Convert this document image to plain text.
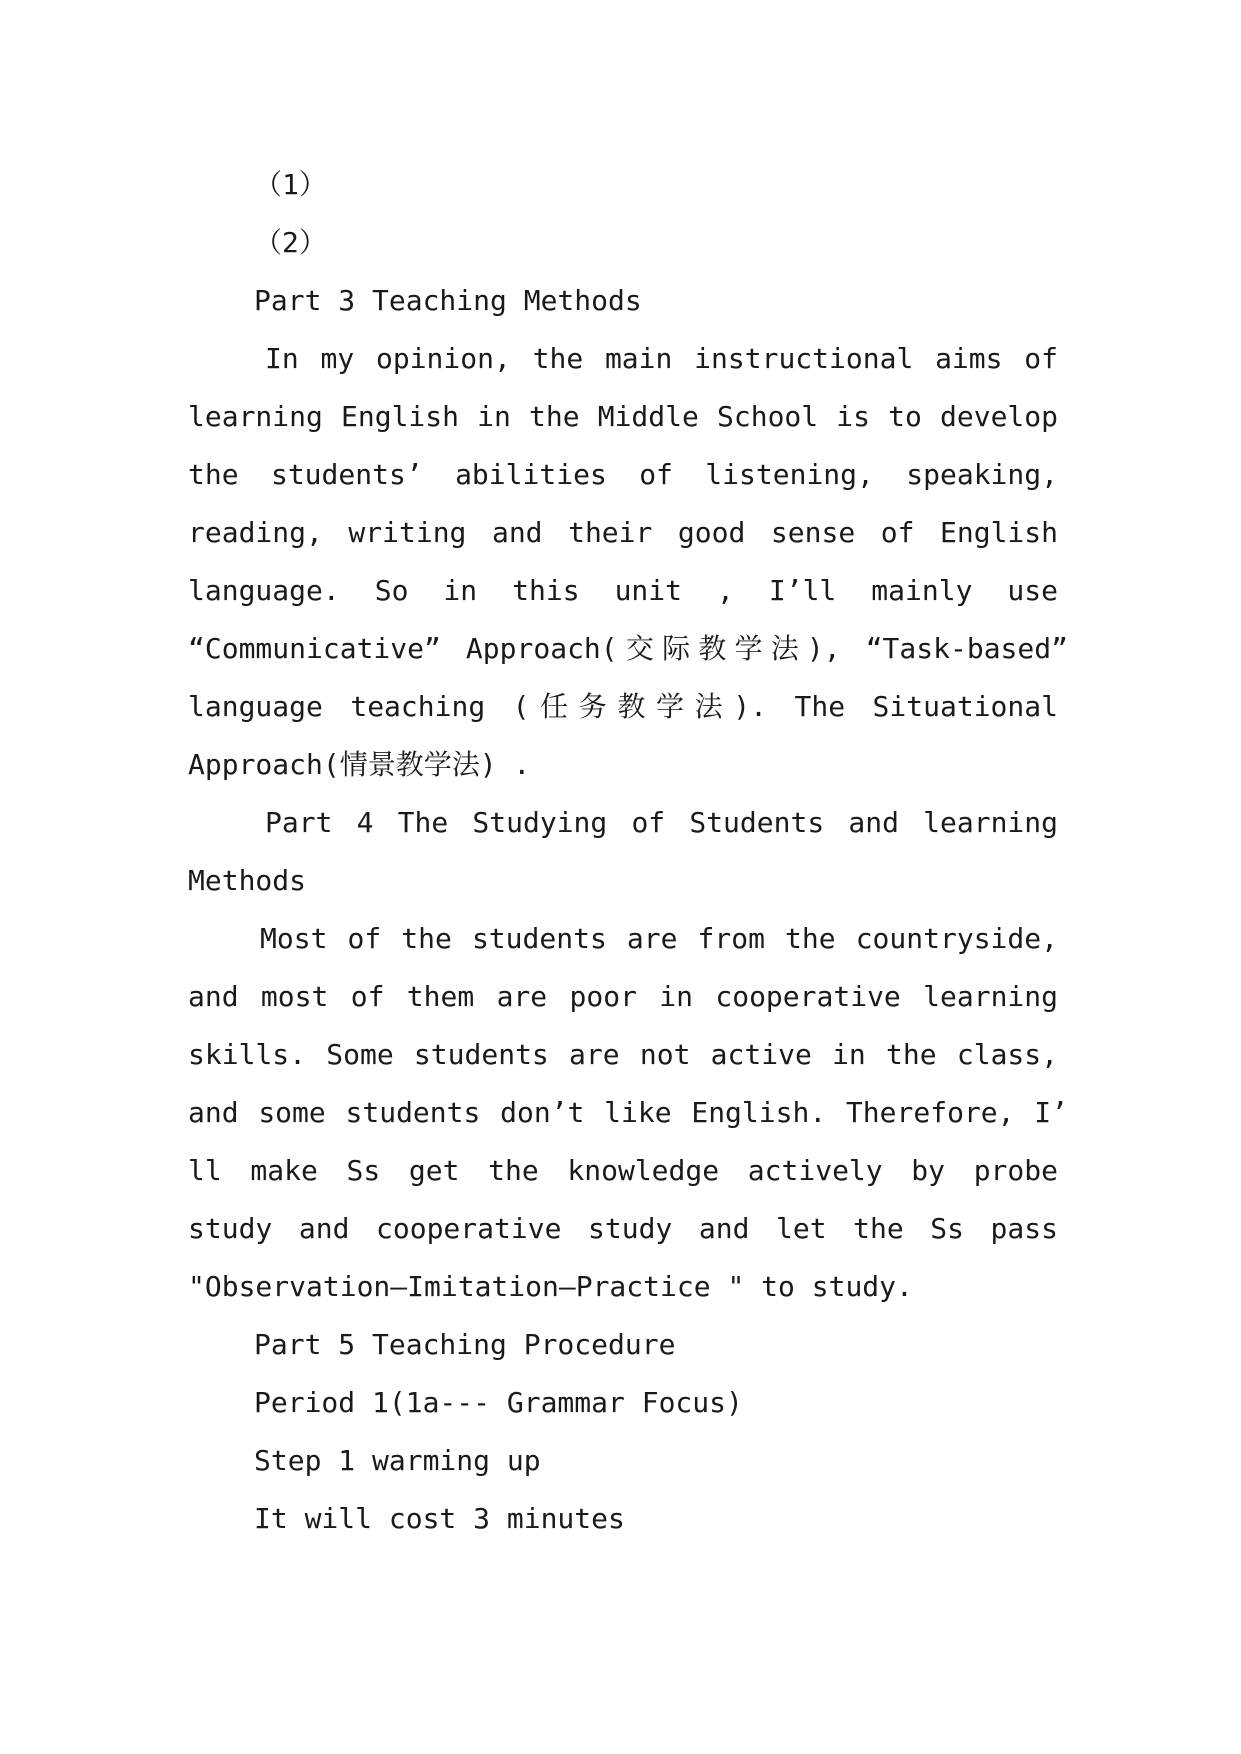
（1）
（2）
Part 3 Teaching Methods
In my opinion, the main instructional aims of
learning English in the Middle School is to develop
the students’ abilities of listening, speaking,
reading, writing and their good sense of English
language. So in this unit , I’ll mainly use
“Communicative” Approach(交际教学法), “Task-based”
language teaching (任务教学法). The Situational
Approach(情景教学法) .
Part 4 The Studying of Students and learning
Methods
Most of the students are from the countryside,
and most of them are poor in cooperative learning
skills. Some students are not active in the class,
and some students don’t like English. Therefore, I’
ll make Ss get the knowledge actively by probe
study and cooperative study and let the Ss pass
"Observation—Imitation—Practice " to study.
Part 5 Teaching Procedure
Period 1(1a--- Grammar Focus)
Step 1 warming up
It will cost 3 minutes
